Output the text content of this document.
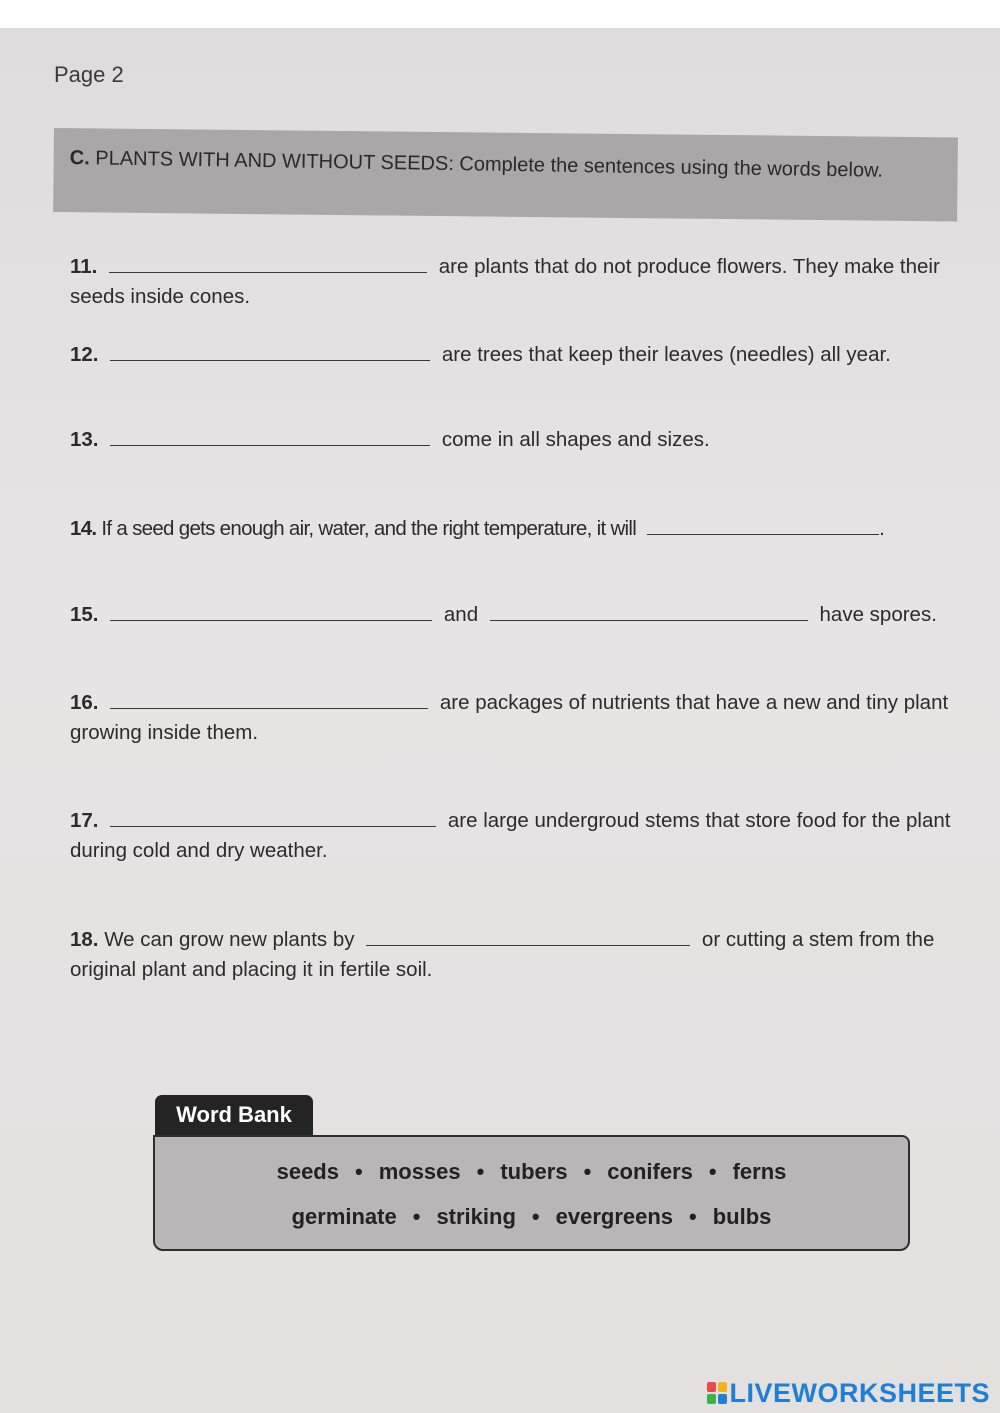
Page 2
C. PLANTS WITH AND WITHOUT SEEDS: Complete the sentences using the words below.
11.	are plants that do not produce flowers. They make their seeds inside cones.
12.	are trees that keep their leaves (needles) all year.
13.	come in all shapes and sizes.
14. If a seed gets enough air, water, and the right temperature, it will	.
15.	and	have spores.
16.	are packages of nutrients that have a new and tiny plant growing inside them.
17.	are large undergroud stems that store food for the plant during cold and dry weather.
18. We can grow new plants by	or cutting a stem from the original plant and placing it in fertile soil.
Word Bank
seeds • mosses • tubers • conifers • ferns
germinate • striking • evergreens • bulbs
LIVEWORKSHEETS
